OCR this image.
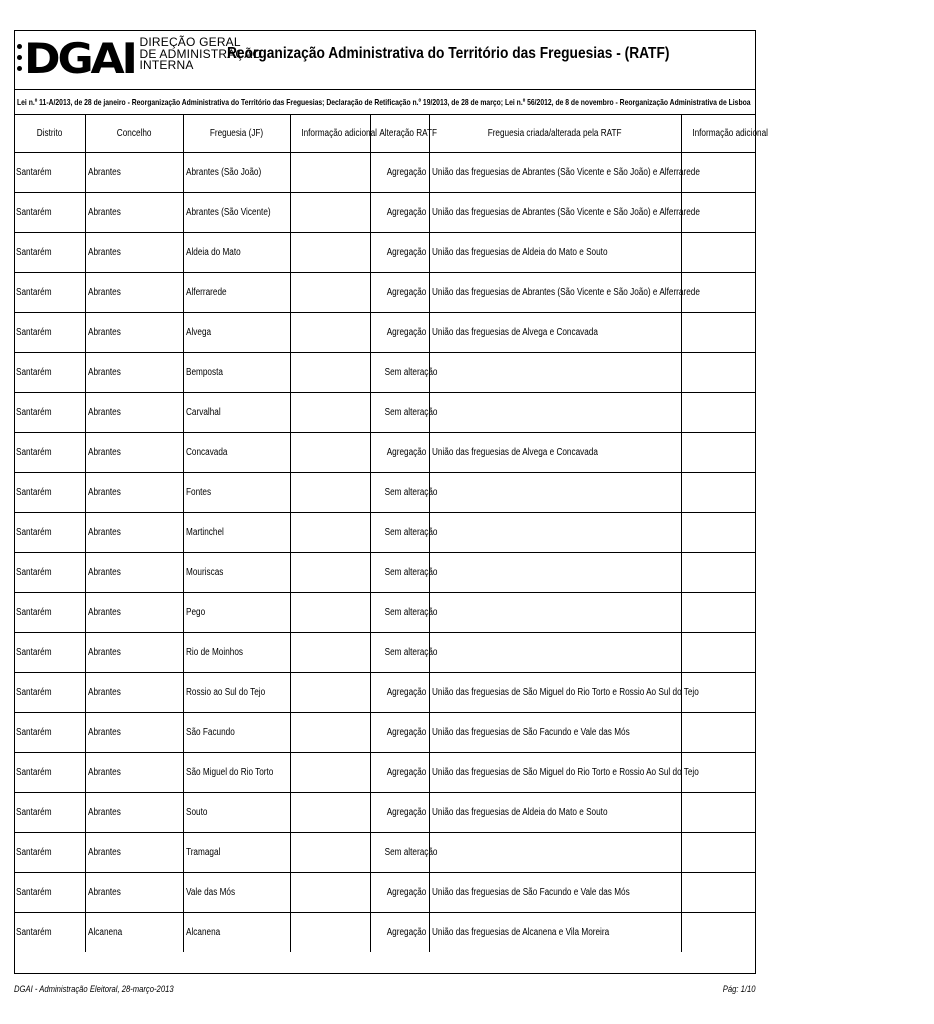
DGAI DIREÇÃO GERAL
DE ADMINISTRAÇÃO
INTERNA
Reorganização Administrativa do Território das Freguesias - (RATF)
Lei n.º 11-A/2013, de 28 de janeiro - Reorganização Administrativa do Território das Freguesias; Declaração de Retificação n.º 19/2013, de 28 de março; Lei n.º 56/2012, de 8 de novembro - Reorganização Administrativa de Lisboa
Distrito	Concelho	Freguesia (JF)	Informação adicional	Alteração RATF	Freguesia criada/alterada pela RATF	Informação adicional
Santarém	Abrantes	Abrantes (São João)		Agregação	União das freguesias de Abrantes (São Vicente e São João) e Alferrarede	
Santarém	Abrantes	Abrantes (São Vicente)		Agregação	União das freguesias de Abrantes (São Vicente e São João) e Alferrarede	
Santarém	Abrantes	Aldeia do Mato		Agregação	União das freguesias de Aldeia do Mato e Souto	
Santarém	Abrantes	Alferrarede		Agregação	União das freguesias de Abrantes (São Vicente e São João) e Alferrarede	
Santarém	Abrantes	Alvega		Agregação	União das freguesias de Alvega e Concavada	
Santarém	Abrantes	Bemposta		Sem alteração		
Santarém	Abrantes	Carvalhal		Sem alteração		
Santarém	Abrantes	Concavada		Agregação	União das freguesias de Alvega e Concavada	
Santarém	Abrantes	Fontes		Sem alteração		
Santarém	Abrantes	Martinchel		Sem alteração		
Santarém	Abrantes	Mouriscas		Sem alteração		
Santarém	Abrantes	Pego		Sem alteração		
Santarém	Abrantes	Rio de Moinhos		Sem alteração		
Santarém	Abrantes	Rossio ao Sul do Tejo		Agregação	União das freguesias de São Miguel do Rio Torto e Rossio Ao Sul do Tejo	
Santarém	Abrantes	São Facundo		Agregação	União das freguesias de São Facundo e Vale das Mós	
Santarém	Abrantes	São Miguel do Rio Torto		Agregação	União das freguesias de São Miguel do Rio Torto e Rossio Ao Sul do Tejo	
Santarém	Abrantes	Souto		Agregação	União das freguesias de Aldeia do Mato e Souto	
Santarém	Abrantes	Tramagal		Sem alteração		
Santarém	Abrantes	Vale das Mós		Agregação	União das freguesias de São Facundo e Vale das Mós	
Santarém	Alcanena	Alcanena		Agregação	União das freguesias de Alcanena e Vila Moreira	
DGAI - Administração Eleitoral, 28-março-2013	Pág: 1/10
